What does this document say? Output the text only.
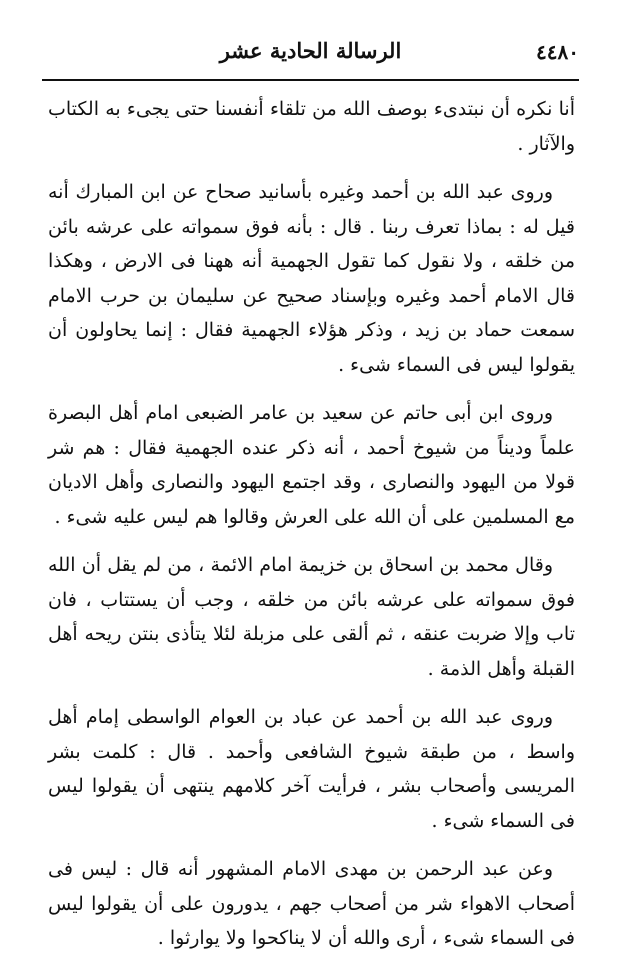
٤٤٨٠
الرسالة الحادية عشر

أنا نكره أن نبتدىء بوصف الله من تلقاء أنفسنا حتى يجىء به الكتاب والآثار .

وروى عبد الله بن أحمد وغيره بأسانيد صحاح عن ابن المبارك أنه قيل له : بماذا تعرف ربنا . قال : بأنه فوق سمواته على عرشه بائن من خلقه ، ولا نقول كما تقول الجهمية أنه ههنا فى الارض ، وهكذا قال الامام أحمد وغيره وبإسناد صحيح عن سليمان بن حرب الامام سمعت حماد بن زيد ، وذكر هؤلاء الجهمية فقال : إنما يحاولون أن يقولوا ليس فى السماء شىء .

وروى ابن أبى حاتم عن سعيد بن عامر الضبعى امام أهل البصرة علماً وديناً من شيوخ أحمد ، أنه ذكر عنده الجهمية فقال : هم شر قولا من اليهود والنصارى ، وقد اجتمع اليهود والنصارى وأهل الاديان مع المسلمين على أن الله على العرش وقالوا هم ليس عليه شىء .

وقال محمد بن اسحاق بن خزيمة امام الائمة ، من لم يقل أن الله فوق سمواته على عرشه بائن من خلقه ، وجب أن يستتاب ، فان تاب وإلا ضربت عنقه ، ثم ألقى على مزبلة لئلا يتأذى بنتن ريحه أهل القبلة وأهل الذمة .

وروى عبد الله بن أحمد عن عباد بن العوام الواسطى إمام أهل واسط ، من طبقة شيوخ الشافعى وأحمد . قال : كلمت بشر المريسى وأصحاب بشر ، فرأيت آخر كلامهم ينتهى أن يقولوا ليس فى السماء شىء .

وعن عبد الرحمن بن مهدى الامام المشهور أنه قال : ليس فى أصحاب الاهواء شر من أصحاب جهم ، يدورون على أن يقولوا ليس فى السماء شىء ، أرى والله أن لا يناكحوا ولا يوارثوا .
